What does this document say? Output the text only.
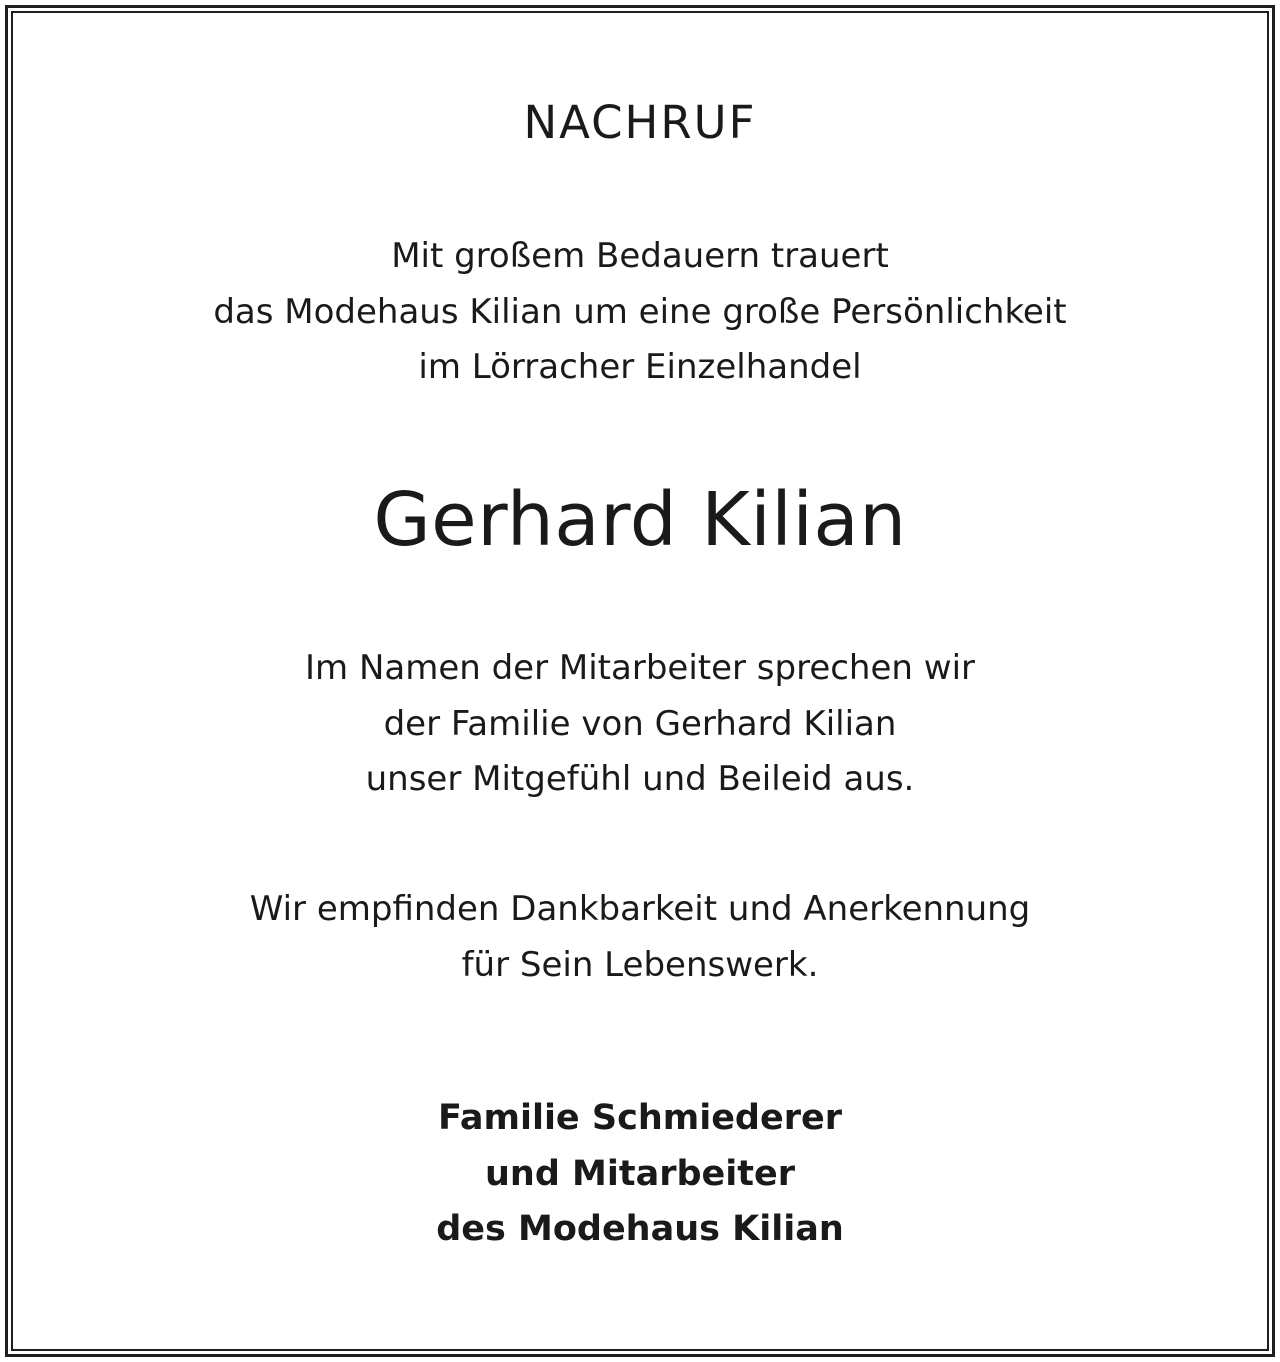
NACHRUF
Mit großem Bedauern trauert
das Modehaus Kilian um eine große Persönlichkeit
im Lörracher Einzelhandel
Gerhard Kilian
Im Namen der Mitarbeiter sprechen wir
der Familie von Gerhard Kilian
unser Mitgefühl und Beileid aus.
Wir empfinden Dankbarkeit und Anerkennung
für Sein Lebenswerk.
Familie Schmiederer
und Mitarbeiter
des Modehaus Kilian
